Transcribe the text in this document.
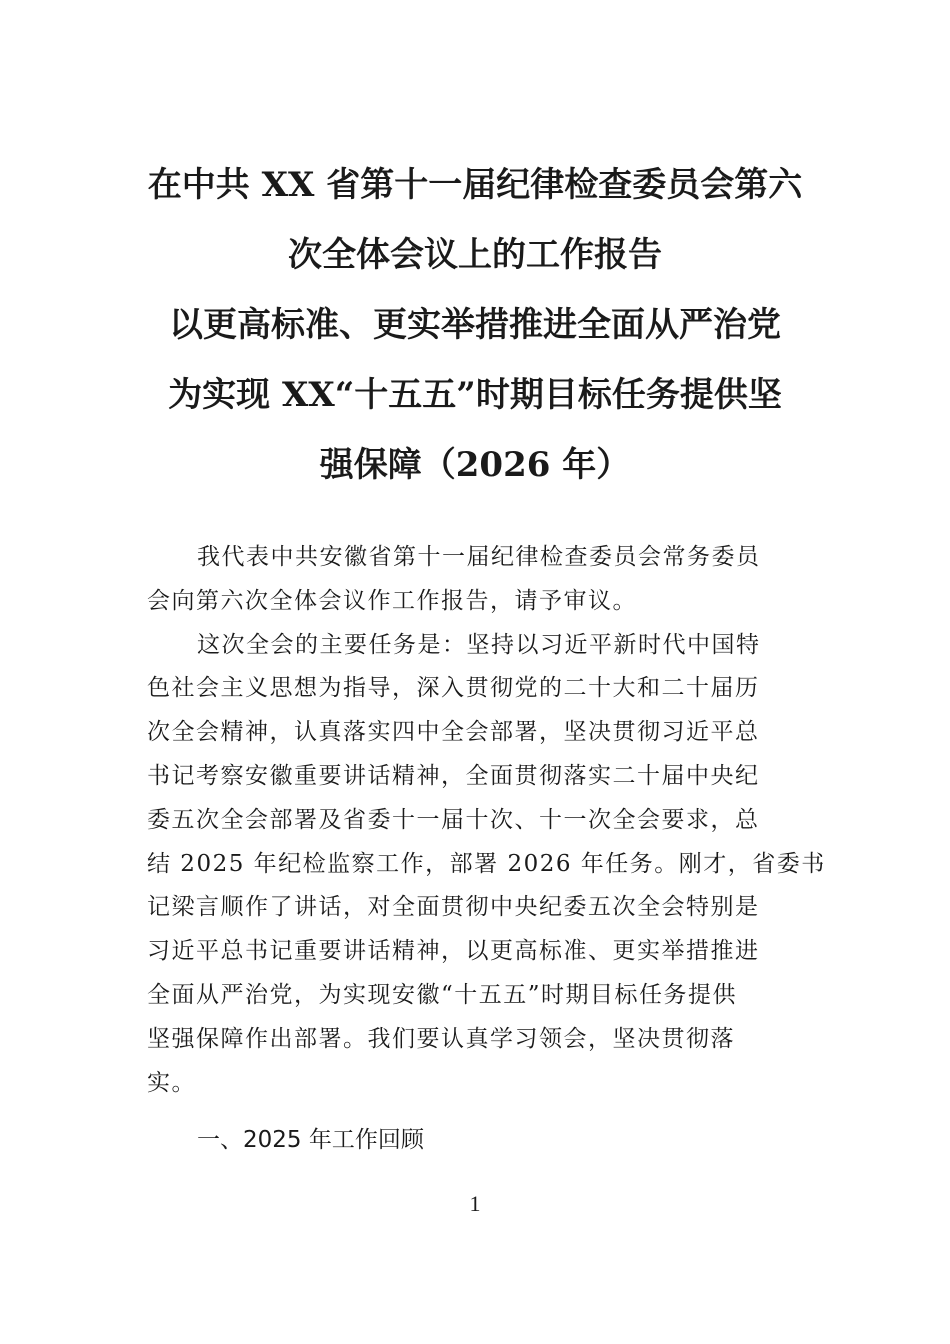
在中共 XX 省第十一届纪律检查委员会第六
次全体会议上的工作报告
以更高标准、更实举措推进全面从严治党
为实现 XX“十五五”时期目标任务提供坚
强保障（2026 年）
我代表中共安徽省第十一届纪律检查委员会常务委员
会向第六次全体会议作工作报告，请予审议。
这次全会的主要任务是：坚持以习近平新时代中国特
色社会主义思想为指导，深入贯彻党的二十大和二十届历
次全会精神，认真落实四中全会部署，坚决贯彻习近平总
书记考察安徽重要讲话精神，全面贯彻落实二十届中央纪
委五次全会部署及省委十一届十次、十一次全会要求，总
结 2025 年纪检监察工作，部署 2026 年任务。刚才，省委书
记梁言顺作了讲话，对全面贯彻中央纪委五次全会特别是
习近平总书记重要讲话精神，以更高标准、更实举措推进
全面从严治党，为实现安徽“十五五”时期目标任务提供
坚强保障作出部署。我们要认真学习领会，坚决贯彻落
实。
一、2025 年工作回顾
1
